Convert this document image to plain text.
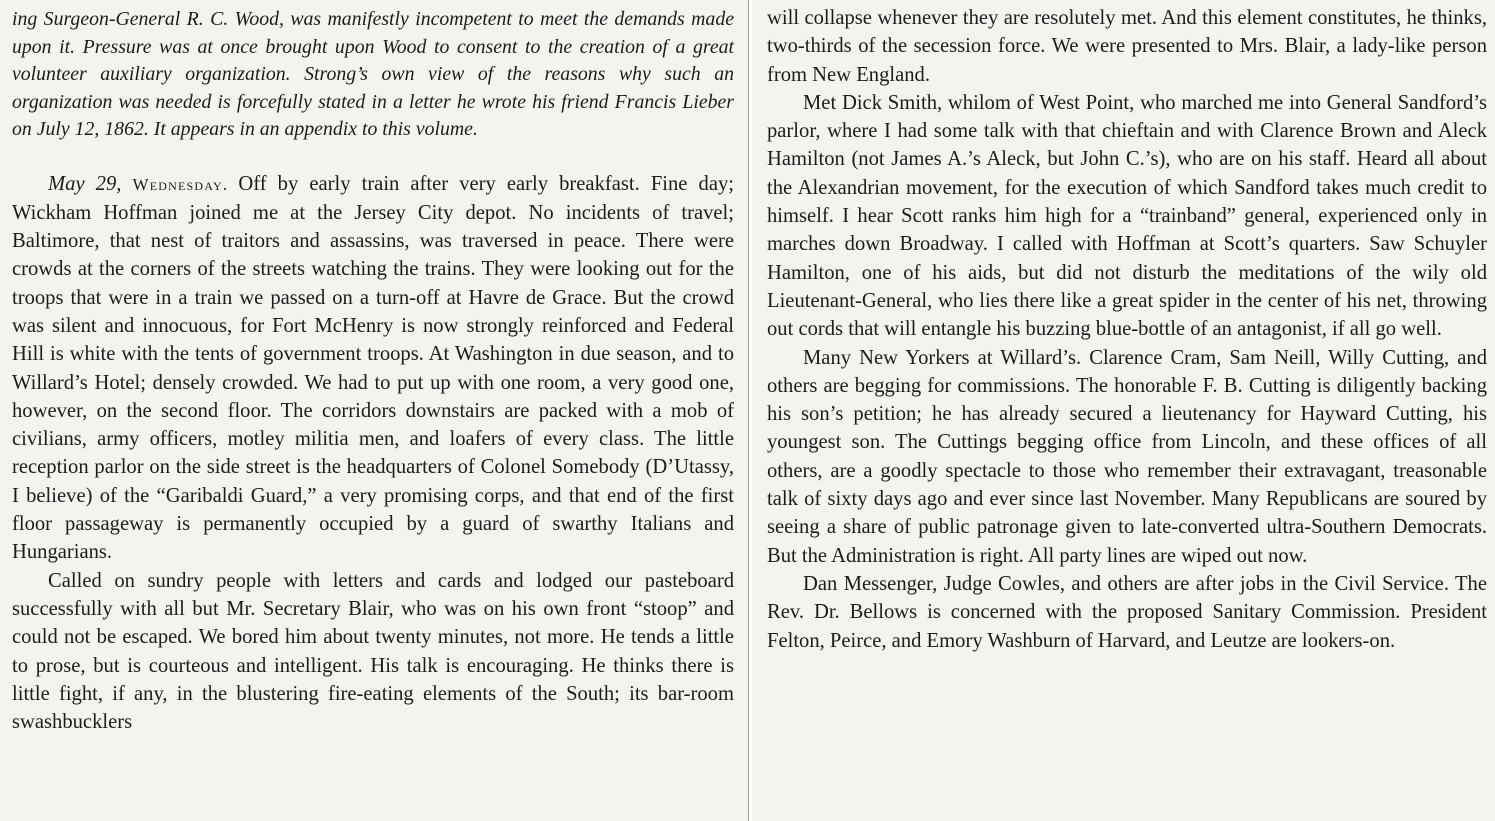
ing Surgeon-General R. C. Wood, was manifestly incompetent to meet the demands made upon it. Pressure was at once brought upon Wood to consent to the creation of a great volunteer auxiliary organization. Strong’s own view of the reasons why such an organization was needed is forcefully stated in a letter he wrote his friend Francis Lieber on July 12, 1862. It appears in an appendix to this volume.

May 29, Wednesday. Off by early train after very early breakfast. Fine day; Wickham Hoffman joined me at the Jersey City depot. No incidents of travel; Baltimore, that nest of traitors and assassins, was traversed in peace. There were crowds at the corners of the streets watching the trains. They were looking out for the troops that were in a train we passed on a turn-off at Havre de Grace. But the crowd was silent and innocuous, for Fort McHenry is now strongly reinforced and Federal Hill is white with the tents of government troops. At Washington in due season, and to Willard’s Hotel; densely crowded. We had to put up with one room, a very good one, however, on the second floor. The corridors downstairs are packed with a mob of civilians, army officers, motley militia men, and loafers of every class. The little reception parlor on the side street is the headquarters of Colonel Somebody (D’Utassy, I believe) of the “Garibaldi Guard,” a very promising corps, and that end of the first floor passageway is permanently occupied by a guard of swarthy Italians and Hungarians.

Called on sundry people with letters and cards and lodged our pasteboard successfully with all but Mr. Secretary Blair, who was on his own front “stoop” and could not be escaped. We bored him about twenty minutes, not more. He tends a little to prose, but is courteous and intelligent. His talk is encouraging. He thinks there is little fight, if any, in the blustering fire-eating elements of the South; its bar-room swashbucklers

will collapse whenever they are resolutely met. And this element constitutes, he thinks, two-thirds of the secession force. We were presented to Mrs. Blair, a lady-like person from New England.

Met Dick Smith, whilom of West Point, who marched me into General Sandford’s parlor, where I had some talk with that chieftain and with Clarence Brown and Aleck Hamilton (not James A.’s Aleck, but John C.’s), who are on his staff. Heard all about the Alexandrian movement, for the execution of which Sandford takes much credit to himself. I hear Scott ranks him high for a “trainband” general, experienced only in marches down Broadway. I called with Hoffman at Scott’s quarters. Saw Schuyler Hamilton, one of his aids, but did not disturb the meditations of the wily old Lieutenant-General, who lies there like a great spider in the center of his net, throwing out cords that will entangle his buzzing blue-bottle of an antagonist, if all go well.

Many New Yorkers at Willard’s. Clarence Cram, Sam Neill, Willy Cutting, and others are begging for commissions. The honorable F. B. Cutting is diligently backing his son’s petition; he has already secured a lieutenancy for Hayward Cutting, his youngest son. The Cuttings begging office from Lincoln, and these offices of all others, are a goodly spectacle to those who remember their extravagant, treasonable talk of sixty days ago and ever since last November. Many Republicans are soured by seeing a share of public patronage given to late-converted ultra-Southern Democrats. But the Administration is right. All party lines are wiped out now.

Dan Messenger, Judge Cowles, and others are after jobs in the Civil Service. The Rev. Dr. Bellows is concerned with the proposed Sanitary Commission. President Felton, Peirce, and Emory Washburn of Harvard, and Leutze are lookers-on.
